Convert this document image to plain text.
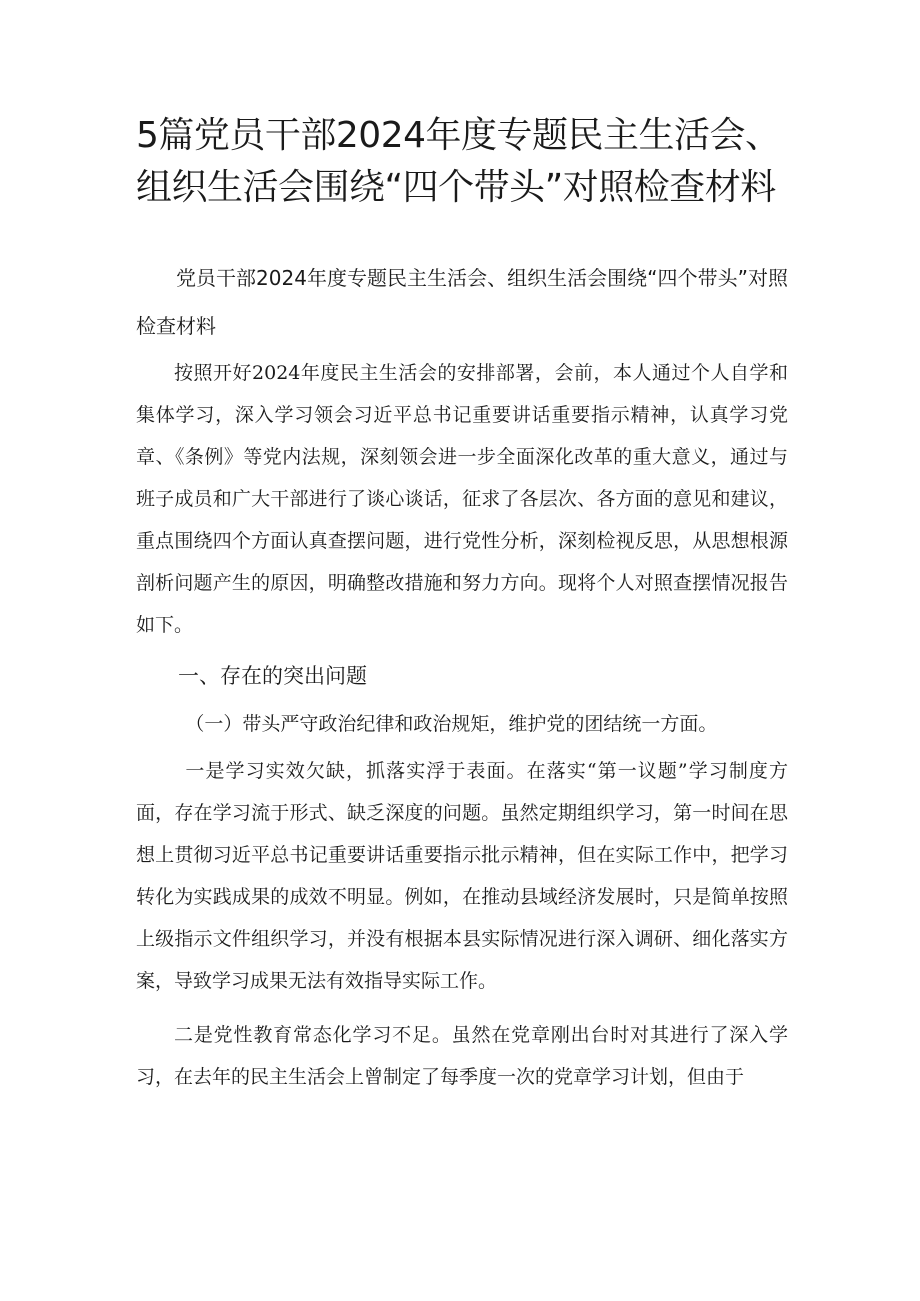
5篇党员干部2024年度专题民主生活会、组织生活会围绕“四个带头”对照检查材料

党员干部2024年度专题民主生活会、组织生活会围绕“四个带头”对照检查材料

按照开好2024年度民主生活会的安排部署，会前，本人通过个人自学和集体学习，深入学习领会习近平总书记重要讲话重要指示精神，认真学习党章、《条例》等党内法规，深刻领会进一步全面深化改革的重大意义，通过与班子成员和广大干部进行了谈心谈话，征求了各层次、各方面的意见和建议，重点围绕四个方面认真查摆问题，进行党性分析，深刻检视反思，从思想根源剖析问题产生的原因，明确整改措施和努力方向。现将个人对照查摆情况报告如下。

一、存在的突出问题

（一）带头严守政治纪律和政治规矩，维护党的团结统一方面。

一是学习实效欠缺，抓落实浮于表面。在落实“第一议题”学习制度方面，存在学习流于形式、缺乏深度的问题。虽然定期组织学习，第一时间在思想上贯彻习近平总书记重要讲话重要指示批示精神，但在实际工作中，把学习转化为实践成果的成效不明显。例如，在推动县域经济发展时，只是简单按照上级指示文件组织学习，并没有根据本县实际情况进行深入调研、细化落实方案，导致学习成果无法有效指导实际工作。

二是党性教育常态化学习不足。虽然在党章刚出台时对其进行了深入学习，在去年的民主生活会上曾制定了每季度一次的党章学习计划，但由于
